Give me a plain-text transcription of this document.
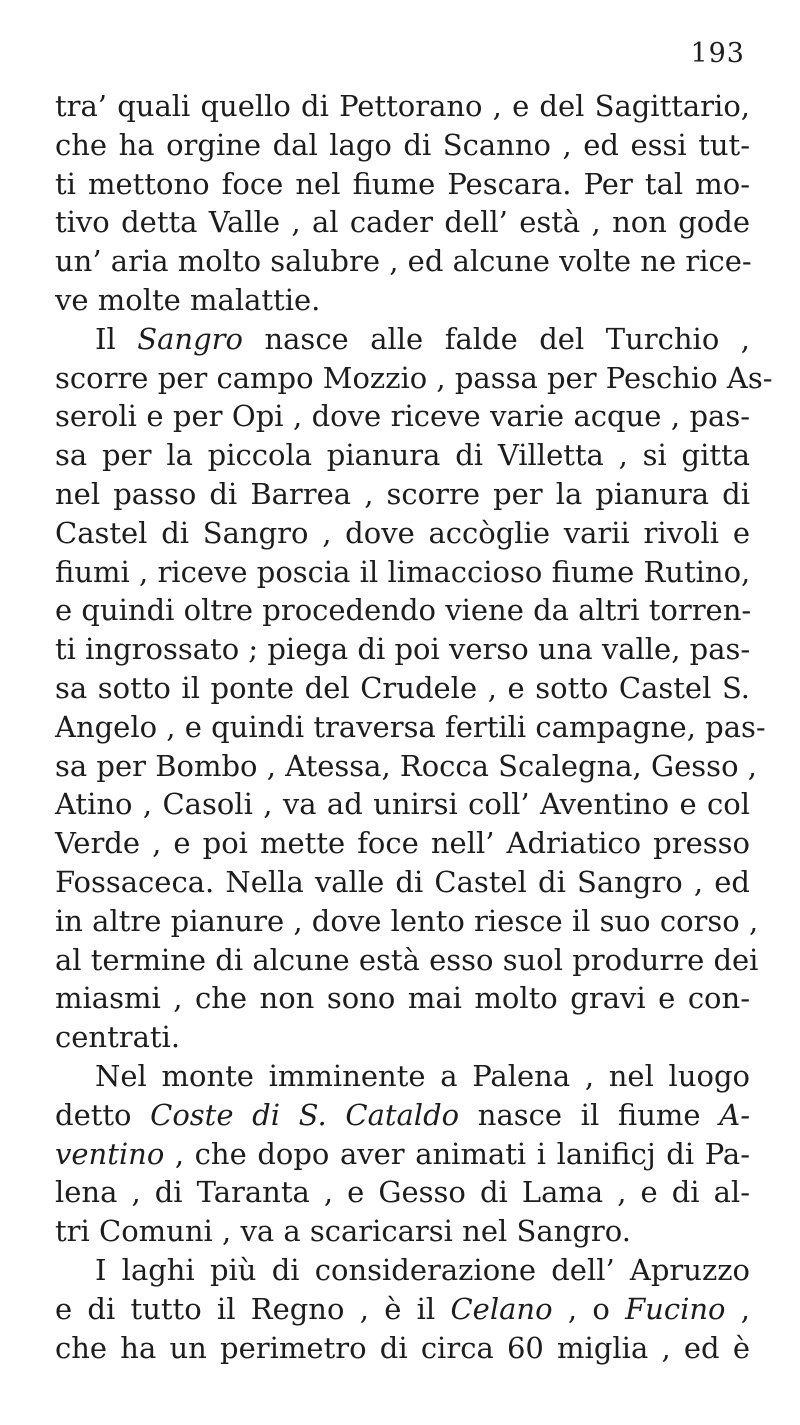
193
tra’ quali quello di Pettorano , e del Sagittario,
che ha orgine dal lago di Scanno , ed essi tut-
ti mettono foce nel fiume Pescara. Per tal mo-
tivo detta Valle , al cader dell’ està , non gode
un’ aria molto salubre , ed alcune volte ne rice-
ve molte malattie.
Il Sangro nasce alle falde del Turchio ,
scorre per campo Mozzio , passa per Peschio As-
seroli e per Opi , dove riceve varie acque , pas-
sa per la piccola pianura di Villetta , si gitta
nel passo di Barrea , scorre per la pianura di
Castel di Sangro , dove accòglie varii rivoli e
fiumi , riceve poscia il limaccioso fiume Rutino,
e quindi oltre procedendo viene da altri torren-
ti ingrossato ; piega di poi verso una valle, pas-
sa sotto il ponte del Crudele , e sotto Castel S.
Angelo , e quindi traversa fertili campagne, pas-
sa per Bombo , Atessa, Rocca Scalegna, Gesso ,
Atino , Casoli , va ad unirsi coll’ Aventino e col
Verde , e poi mette foce nell’ Adriatico presso
Fossaceca. Nella valle di Castel di Sangro , ed
in altre pianure , dove lento riesce il suo corso ,
al termine di alcune està esso suol produrre dei
miasmi , che non sono mai molto gravi e con-
centrati.
Nel monte imminente a Palena , nel luogo
detto Coste di S. Cataldo nasce il fiume A-
ventino , che dopo aver animati i lanificj di Pa-
lena , di Taranta , e Gesso di Lama , e di al-
tri Comuni , va a scaricarsi nel Sangro.
I laghi più di considerazione dell’ Apruzzo
e di tutto il Regno , è il Celano , o Fucino ,
che ha un perimetro di circa 60 miglia , ed è
